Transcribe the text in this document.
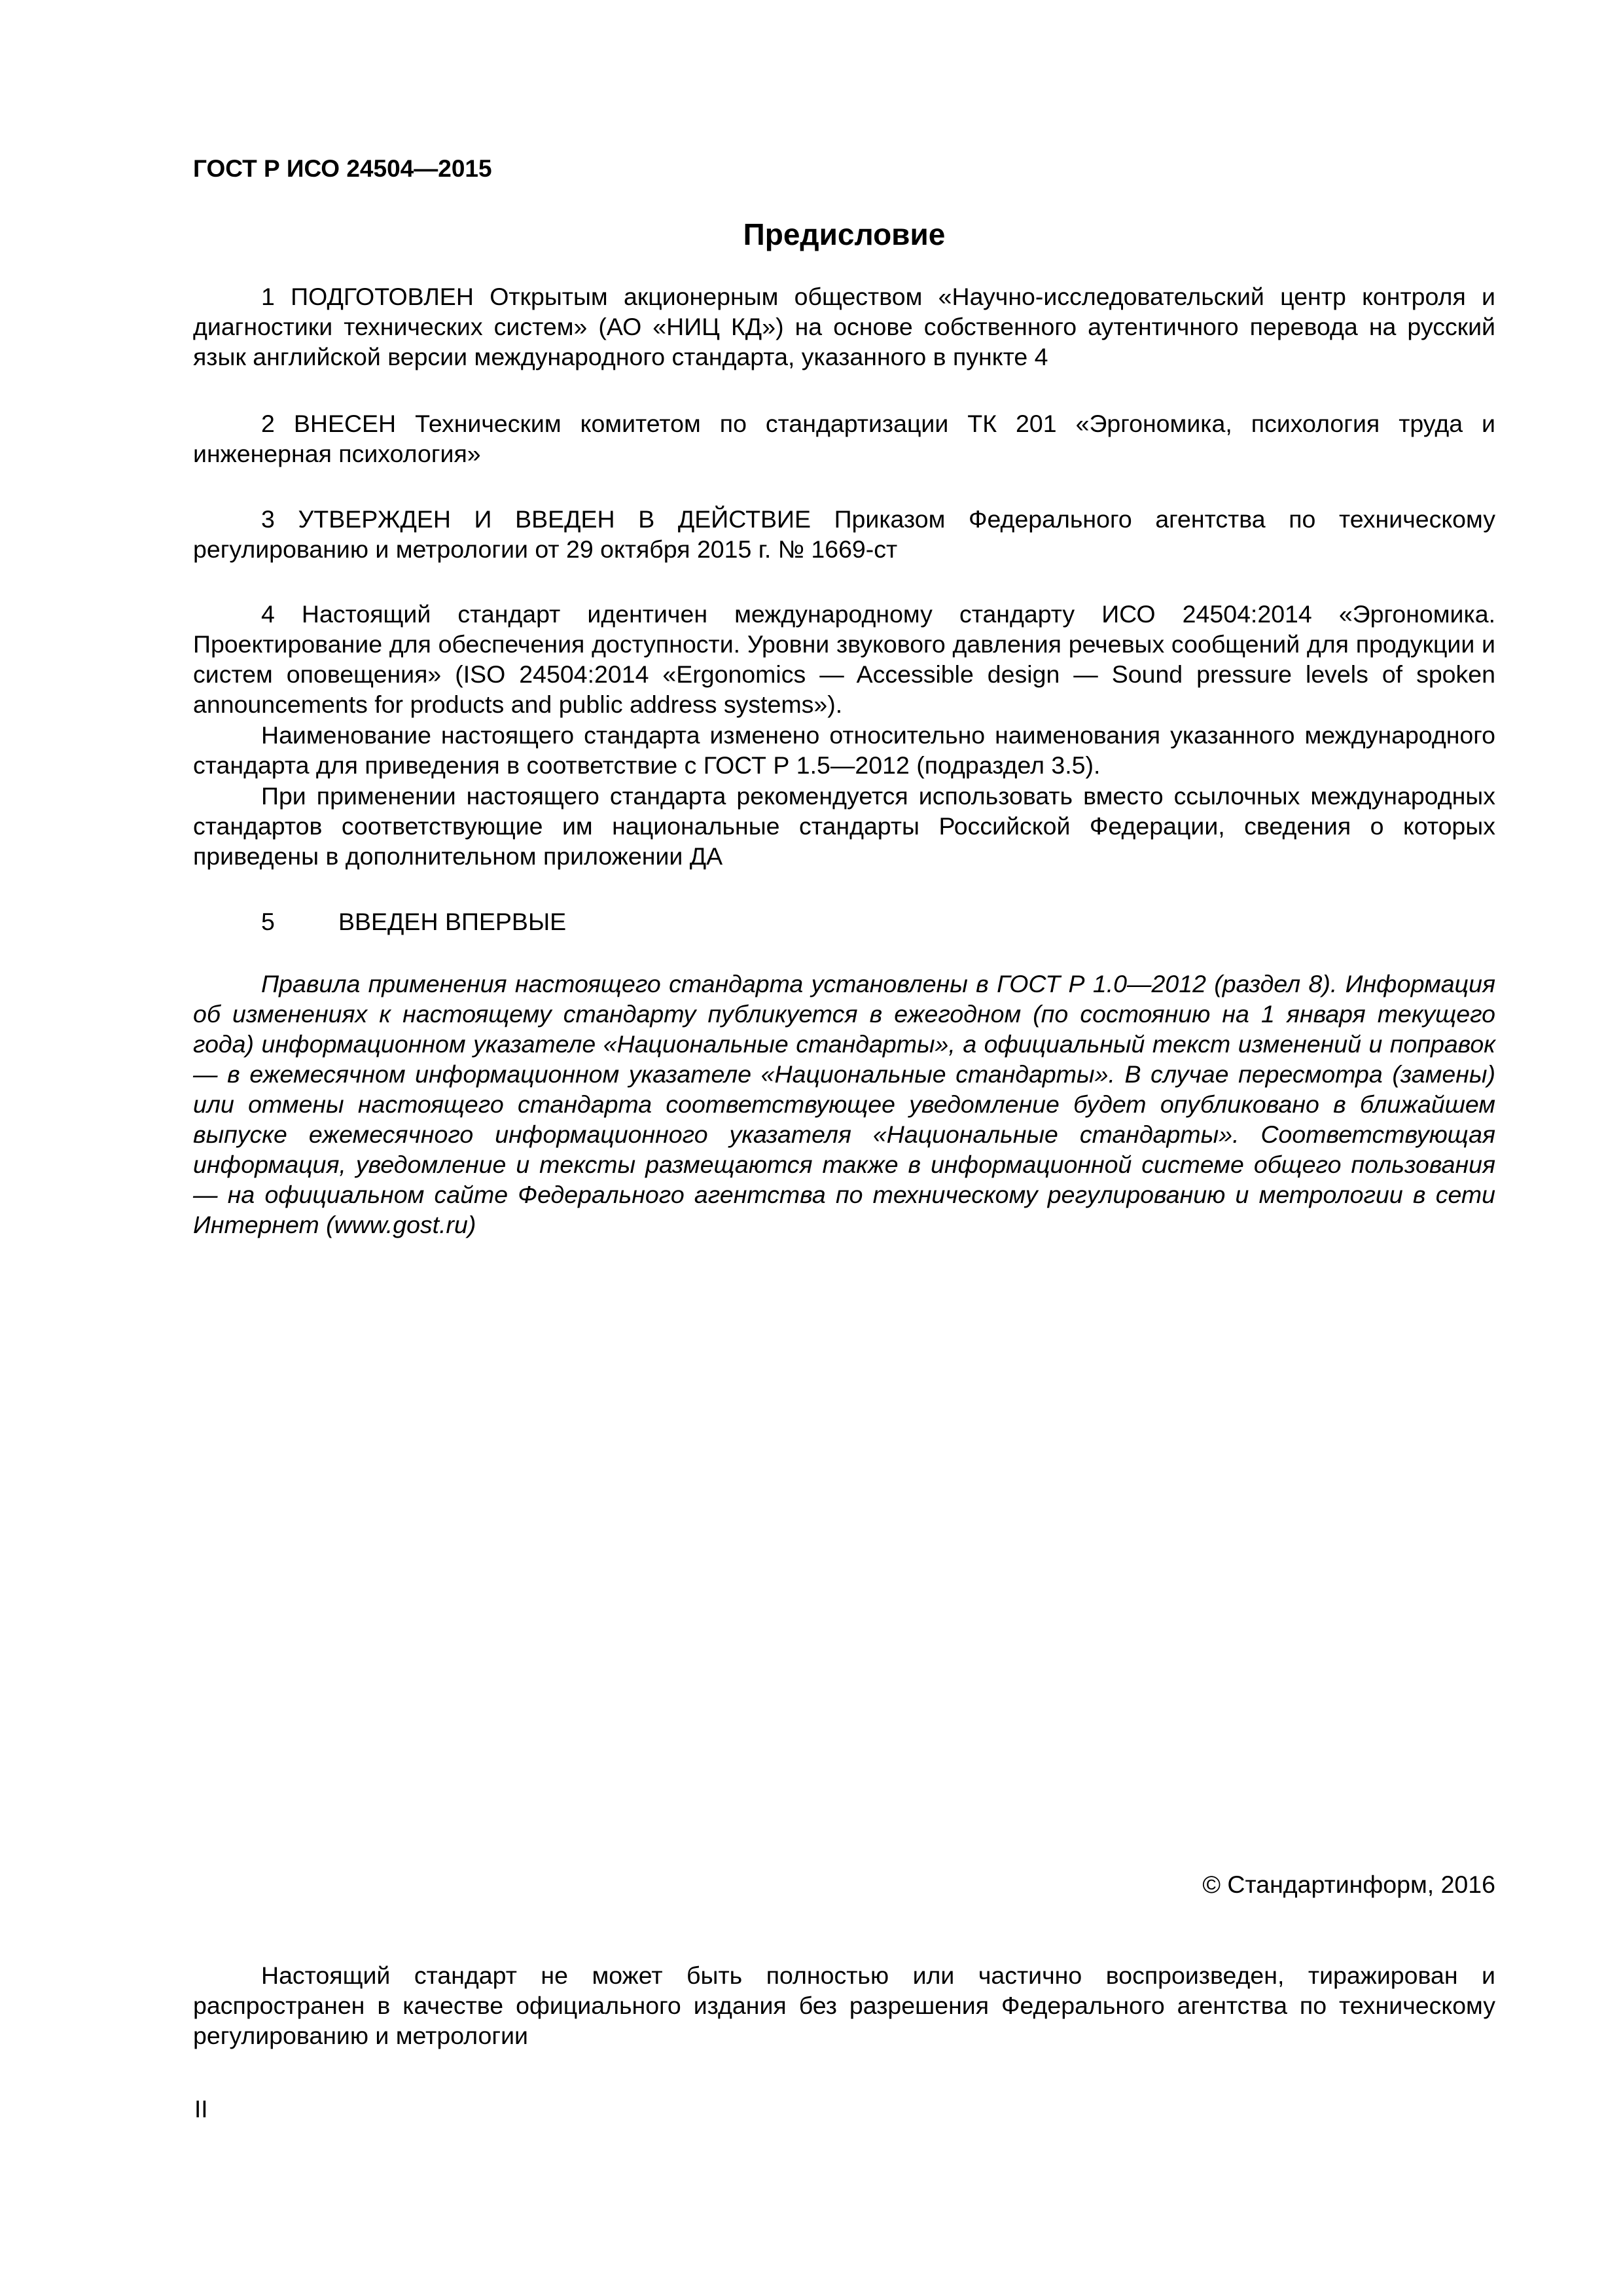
ГОСТ Р ИСО 24504—2015
Предисловие

1 ПОДГОТОВЛЕН Открытым акционерным обществом «Научно-исследовательский центр контроля и диагностики технических систем» (АО «НИЦ КД») на основе собственного аутентичного перевода на русский язык английской версии международного стандарта, указанного в пункте 4

2 ВНЕСЕН Техническим комитетом по стандартизации ТК 201 «Эргономика, психология труда и инженерная психология»

3 УТВЕРЖДЕН И ВВЕДЕН В ДЕЙСТВИЕ Приказом Федерального агентства по техническому регулированию и метрологии от 29 октября 2015 г. № 1669-ст

4 Настоящий стандарт идентичен международному стандарту ИСО 24504:2014 «Эргономика. Проектирование для обеспечения доступности. Уровни звукового давления речевых сообщений для продукции и систем оповещения» (ISO 24504:2014 «Ergonomics — Accessible design — Sound pressure levels of spoken announcements for products and public address systems»).

Наименование настоящего стандарта изменено относительно наименования указанного международного стандарта для приведения в соответствие с ГОСТ Р 1.5—2012 (подраздел 3.5).

При применении настоящего стандарта рекомендуется использовать вместо ссылочных международных стандартов соответствующие им национальные стандарты Российской Федерации, сведения о которых приведены в дополнительном приложении ДА

5	ВВЕДЕН ВПЕРВЫЕ

Правила применения настоящего стандарта установлены в ГОСТ Р 1.0—2012 (раздел 8). Информация об изменениях к настоящему стандарту публикуется в ежегодном (по состоянию на 1 января текущего года) информационном указателе «Национальные стандарты», а официальный текст изменений и поправок — в ежемесячном информационном указателе «Национальные стандарты». В случае пересмотра (замены) или отмены настоящего стандарта соответствующее уведомление будет опубликовано в ближайшем выпуске ежемесячного информационного указателя «Национальные стандарты». Соответствующая информация, уведомление и тексты размещаются также в информационной системе общего пользования — на официальном сайте Федерального агентства по техническому регулированию и метрологии в сети Интернет (www.gost.ru)

© Стандартинформ, 2016

Настоящий стандарт не может быть полностью или частично воспроизведен, тиражирован и распространен в качестве официального издания без разрешения Федерального агентства по техническому регулированию и метрологии

II
